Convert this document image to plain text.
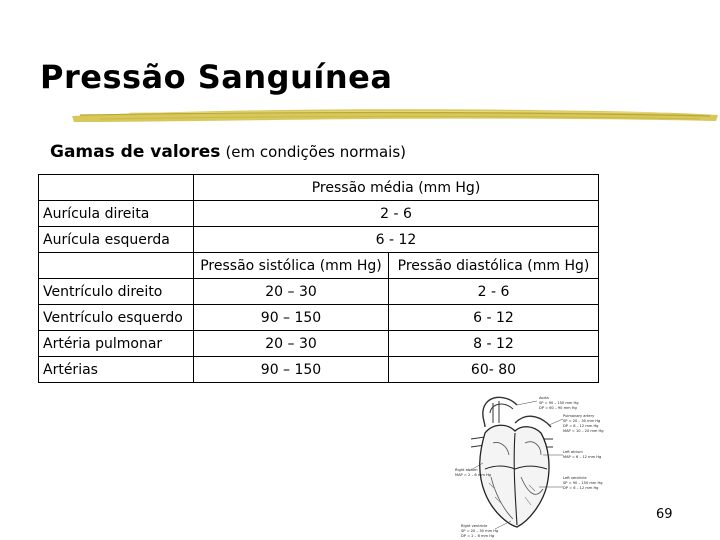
Pressão Sanguínea
Gamas de valores (em condições normais)
	Pressão média (mm Hg)	
Aurícula direita	2 - 6	
Aurícula esquerda	6 - 12	
	Pressão sistólica (mm Hg)	Pressão diastólica (mm Hg)
Ventrículo direito	20 – 30	2 - 6
Ventrículo esquerdo	90 – 150	6 - 12
Artéria pulmonar	20 – 30	8 - 12
Artérias	90 – 150	60- 80
Aorta
SP = 90 – 150 mm Hg
DP = 60 – 90 mm Hg
Pulmonary artery
SP = 20 – 30 mm Hg
DP = 8 – 12 mm Hg
MAP = 10 – 20 mm Hg
Left atrium
MAP = 6 – 12 mm Hg
Right atrium
MAP = 2 – 6 mm Hg
Left ventricle
SP = 90 – 150 mm Hg
DP = 6 – 12 mm Hg
Right ventricle
SP = 20 – 30 mm Hg
DP = 2 – 6 mm Hg
69
